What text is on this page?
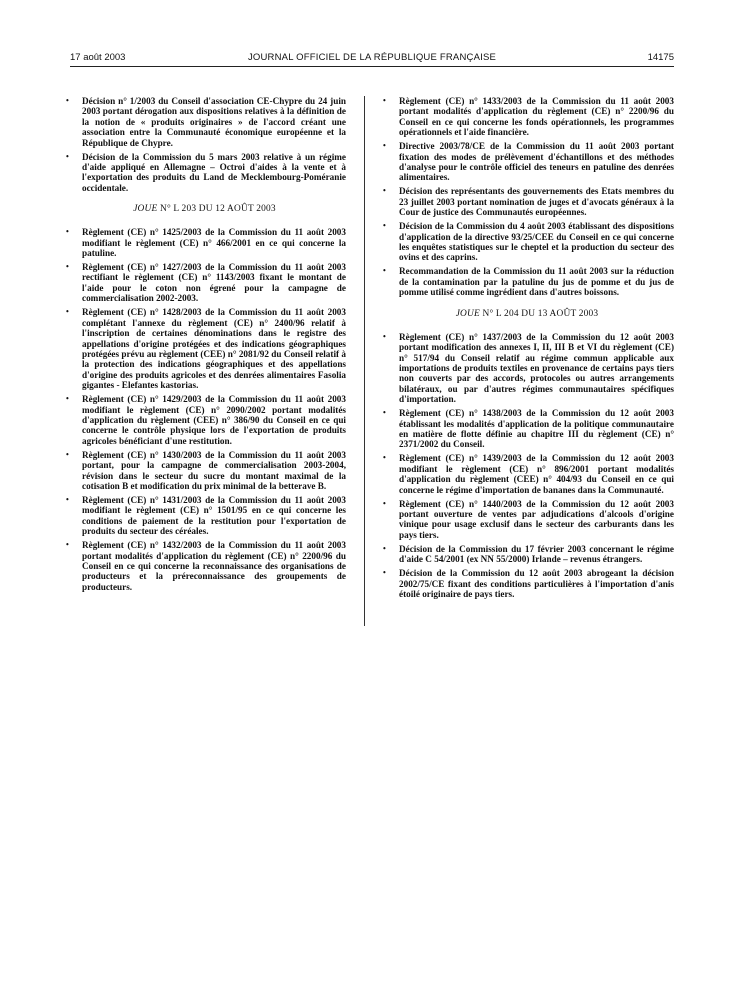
17 août 2003	JOURNAL OFFICIEL DE LA RÉPUBLIQUE FRANÇAISE	14175
• Décision n° 1/2003 du Conseil d'association CE-Chypre du 24 juin 2003 portant dérogation aux dispositions relatives à la définition de la notion de « produits originaires » de l'accord créant une association entre la Communauté économique européenne et la République de Chypre.
• Décision de la Commission du 5 mars 2003 relative à un régime d'aide appliqué en Allemagne – Octroi d'aides à la vente et à l'exportation des produits du Land de Mecklembourg-Poméranie occidentale.
JOUE N° L 203 DU 12 AOÛT 2003
• Règlement (CE) n° 1425/2003 de la Commission du 11 août 2003 modifiant le règlement (CE) n° 466/2001 en ce qui concerne la patuline.
• Règlement (CE) n° 1427/2003 de la Commission du 11 août 2003 rectifiant le règlement (CE) n° 1143/2003 fixant le montant de l'aide pour le coton non égrené pour la campagne de commercialisation 2002-2003.
• Règlement (CE) n° 1428/2003 de la Commission du 11 août 2003 complétant l'annexe du règlement (CE) n° 2400/96 relatif à l'inscription de certaines dénominations dans le registre des appellations d'origine protégées et des indications géographiques protégées prévu au règlement (CEE) n° 2081/92 du Conseil relatif à la protection des indications géographiques et des appellations d'origine des produits agricoles et des denrées alimentaires Fasolia gigantes - Elefantes kastorias.
• Règlement (CE) n° 1429/2003 de la Commission du 11 août 2003 modifiant le règlement (CE) n° 2090/2002 portant modalités d'application du règlement (CEE) n° 386/90 du Conseil en ce qui concerne le contrôle physique lors de l'exportation de produits agricoles bénéficiant d'une restitution.
• Règlement (CE) n° 1430/2003 de la Commission du 11 août 2003 portant, pour la campagne de commercialisation 2003-2004, révision dans le secteur du sucre du montant maximal de la cotisation B et modification du prix minimal de la betterave B.
• Règlement (CE) n° 1431/2003 de la Commission du 11 août 2003 modifiant le règlement (CE) n° 1501/95 en ce qui concerne les conditions de paiement de la restitution pour l'exportation de produits du secteur des céréales.
• Règlement (CE) n° 1432/2003 de la Commission du 11 août 2003 portant modalités d'application du règlement (CE) n° 2200/96 du Conseil en ce qui concerne la reconnaissance des organisations de producteurs et la préreconnaissance des groupements de producteurs.
• Règlement (CE) n° 1433/2003 de la Commission du 11 août 2003 portant modalités d'application du règlement (CE) n° 2200/96 du Conseil en ce qui concerne les fonds opérationnels, les programmes opérationnels et l'aide financière.
• Directive 2003/78/CE de la Commission du 11 août 2003 portant fixation des modes de prélèvement d'échantillons et des méthodes d'analyse pour le contrôle officiel des teneurs en patuline des denrées alimentaires.
• Décision des représentants des gouvernements des Etats membres du 23 juillet 2003 portant nomination de juges et d'avocats généraux à la Cour de justice des Communautés européennes.
• Décision de la Commission du 4 août 2003 établissant des dispositions d'application de la directive 93/25/CEE du Conseil en ce qui concerne les enquêtes statistiques sur le cheptel et la production du secteur des ovins et des caprins.
• Recommandation de la Commission du 11 août 2003 sur la réduction de la contamination par la patuline du jus de pomme et du jus de pomme utilisé comme ingrédient dans d'autres boissons.
JOUE N° L 204 DU 13 AOÛT 2003
• Règlement (CE) n° 1437/2003 de la Commission du 12 août 2003 portant modification des annexes I, II, III B et VI du règlement (CE) n° 517/94 du Conseil relatif au régime commun applicable aux importations de produits textiles en provenance de certains pays tiers non couverts par des accords, protocoles ou autres arrangements bilatéraux, ou par d'autres régimes communautaires spécifiques d'importation.
• Règlement (CE) n° 1438/2003 de la Commission du 12 août 2003 établissant les modalités d'application de la politique communautaire en matière de flotte définie au chapitre III du règlement (CE) n° 2371/2002 du Conseil.
• Règlement (CE) n° 1439/2003 de la Commission du 12 août 2003 modifiant le règlement (CE) n° 896/2001 portant modalités d'application du règlement (CEE) n° 404/93 du Conseil en ce qui concerne le régime d'importation de bananes dans la Communauté.
• Règlement (CE) n° 1440/2003 de la Commission du 12 août 2003 portant ouverture de ventes par adjudications d'alcools d'origine vinique pour usage exclusif dans le secteur des carburants dans les pays tiers.
• Décision de la Commission du 17 février 2003 concernant le régime d'aide C 54/2001 (ex NN 55/2000) Irlande – revenus étrangers.
• Décision de la Commission du 12 août 2003 abrogeant la décision 2002/75/CE fixant des conditions particulières à l'importation d'anis étoilé originaire de pays tiers.
